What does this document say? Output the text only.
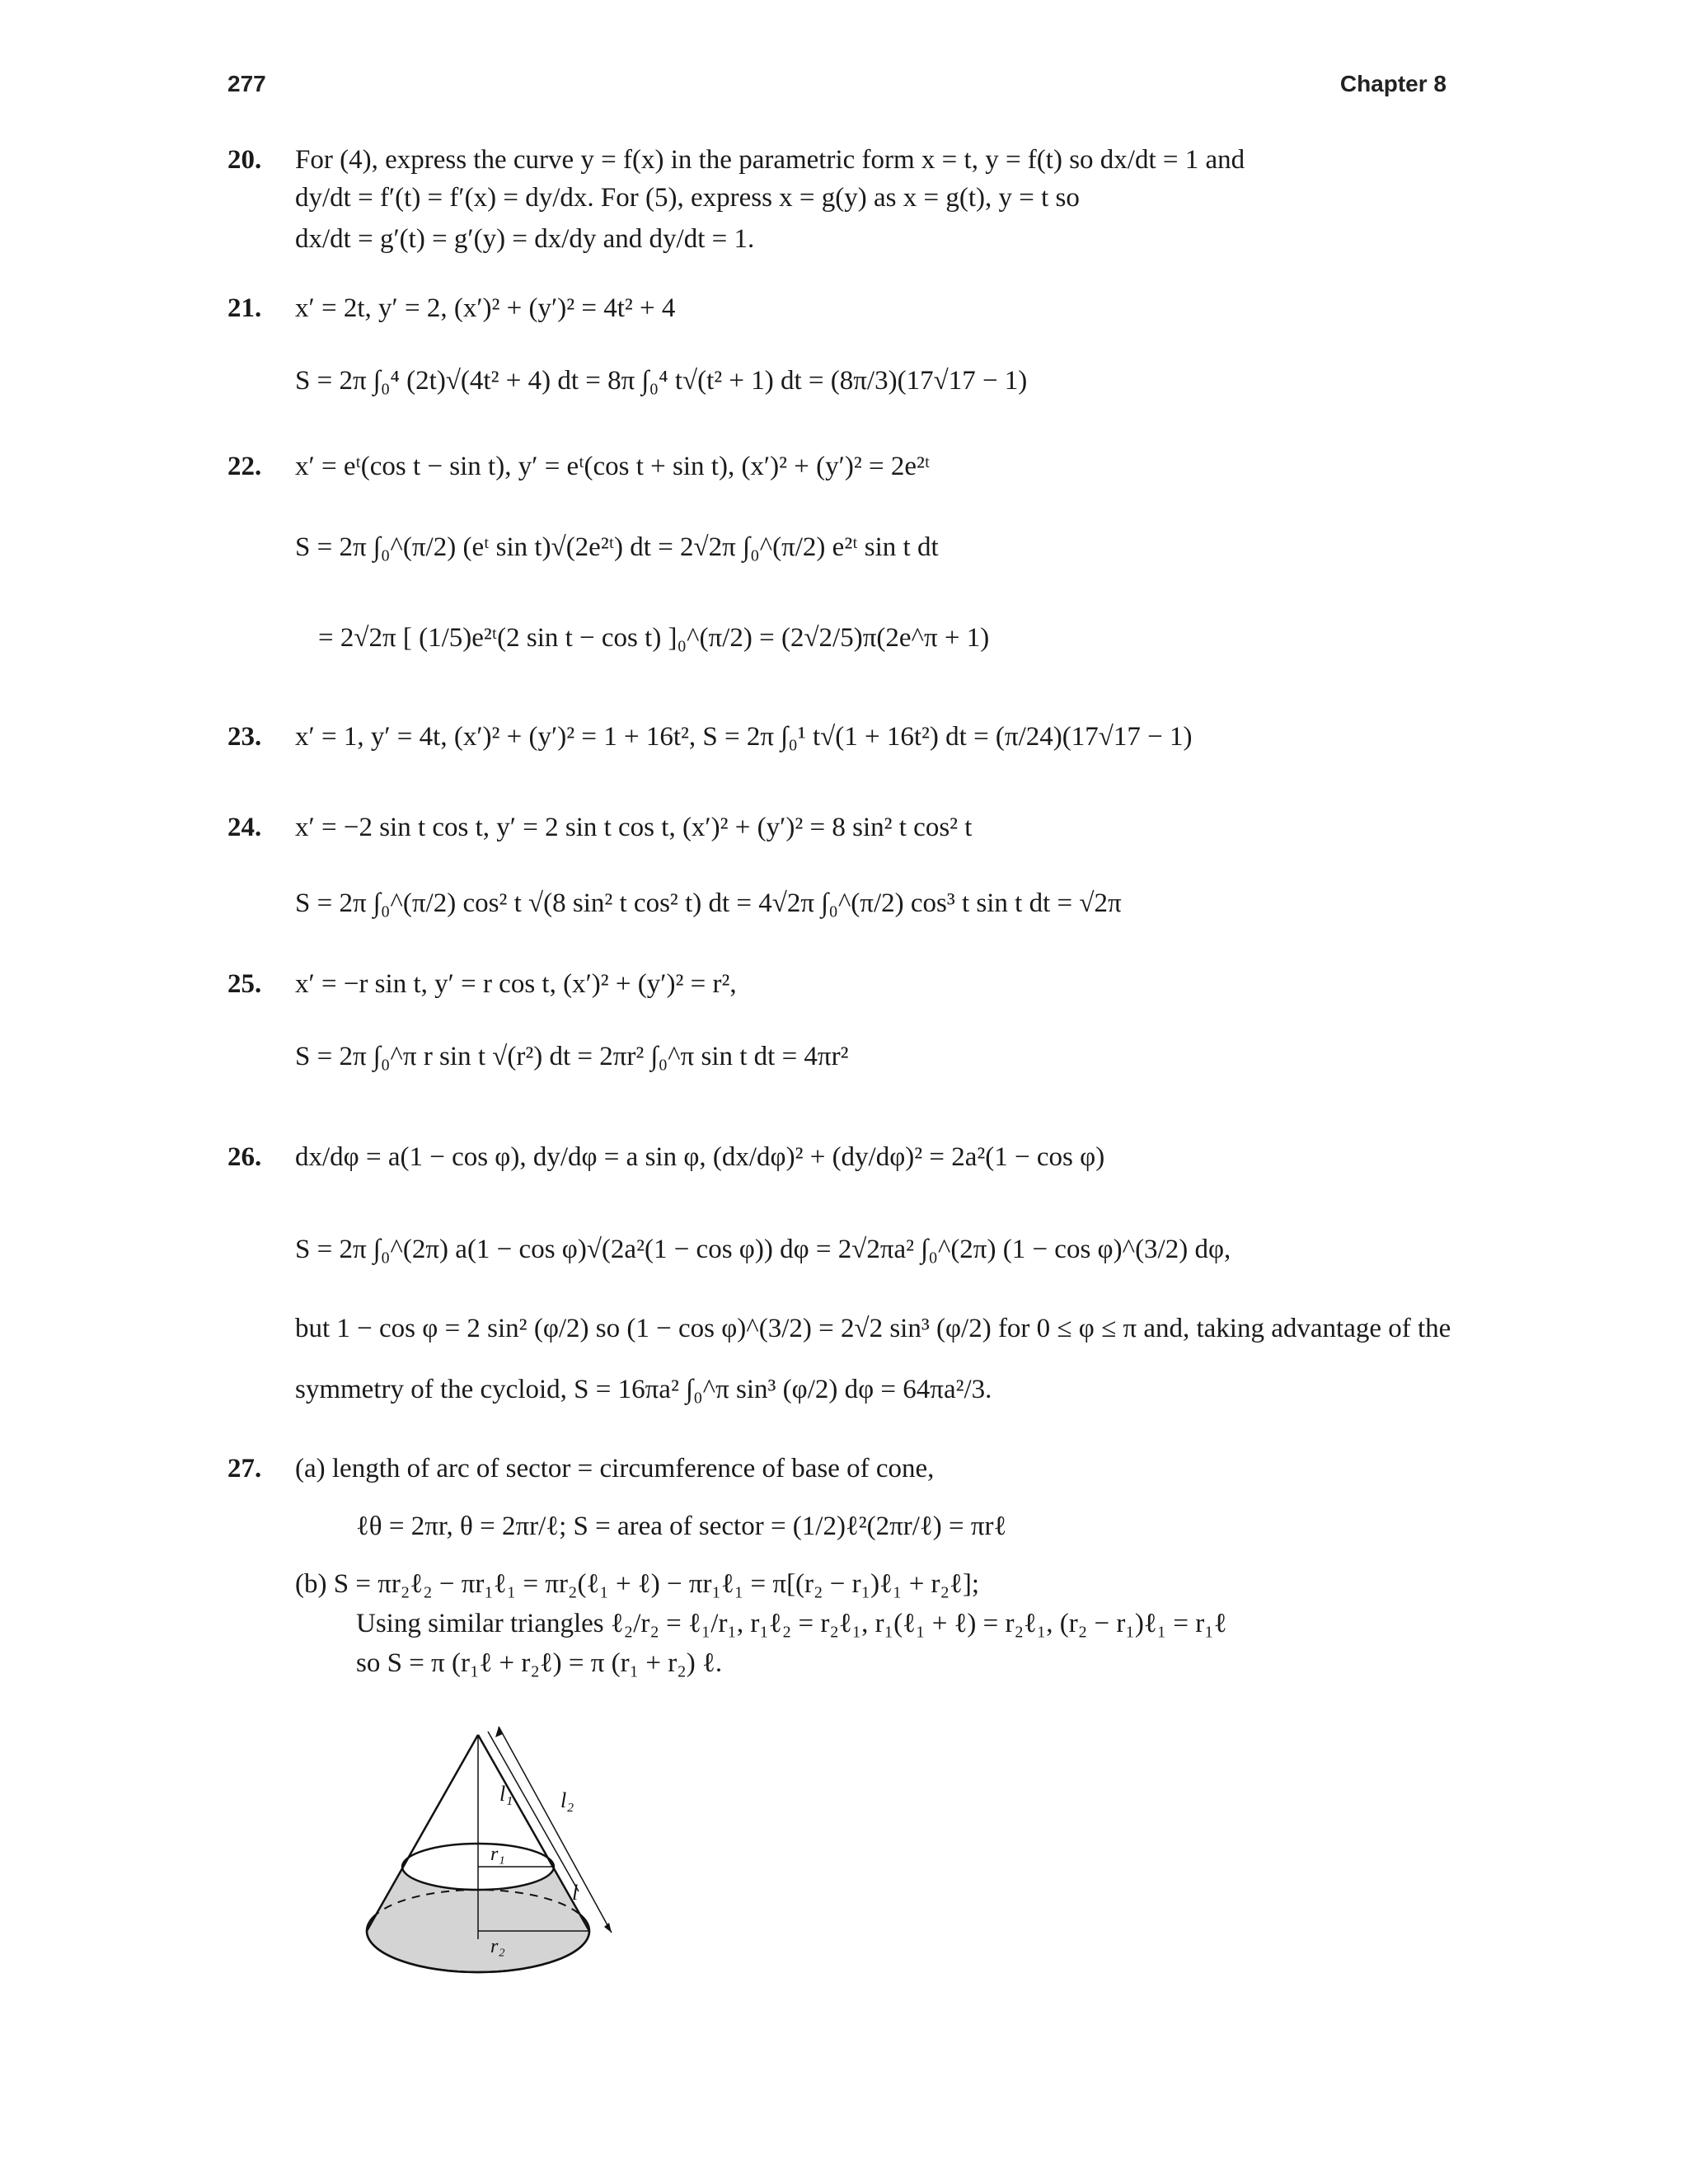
277	Chapter 8
20. For (4), express the curve y = f(x) in the parametric form x = t, y = f(t) so dx/dt = 1 and
dy/dt = f′(t) = f′(x) = dy/dx. For (5), express x = g(y) as x = g(t), y = t so
dx/dt = g′(t) = g′(y) = dx/dy and dy/dt = 1.
21. x′ = 2t, y′ = 2, (x′)² + (y′)² = 4t² + 4
S = 2π ∫₀⁴ (2t)√(4t² + 4) dt = 8π ∫₀⁴ t√(t² + 1) dt = (8π/3)(17√17 − 1)
22. x′ = eᵗ(cos t − sin t), y′ = eᵗ(cos t + sin t), (x′)² + (y′)² = 2e²ᵗ
S = 2π ∫₀^(π/2) (eᵗ sin t)√(2e²ᵗ) dt = 2√2π ∫₀^(π/2) e²ᵗ sin t dt
= 2√2π [ (1/5)e²ᵗ(2 sin t − cos t) ]₀^(π/2) = (2√2/5)π(2e^π + 1)
23. x′ = 1, y′ = 4t, (x′)² + (y′)² = 1 + 16t², S = 2π ∫₀¹ t√(1 + 16t²) dt = (π/24)(17√17 − 1)
24. x′ = −2 sin t cos t, y′ = 2 sin t cos t, (x′)² + (y′)² = 8 sin² t cos² t
S = 2π ∫₀^(π/2) cos² t √(8 sin² t cos² t) dt = 4√2π ∫₀^(π/2) cos³ t sin t dt = √2π
25. x′ = −r sin t, y′ = r cos t, (x′)² + (y′)² = r²,
S = 2π ∫₀^π r sin t √(r²) dt = 2πr² ∫₀^π sin t dt = 4πr²
26. dx/dφ = a(1 − cos φ), dy/dφ = a sin φ, (dx/dφ)² + (dy/dφ)² = 2a²(1 − cos φ)
S = 2π ∫₀^(2π) a(1 − cos φ)√(2a²(1 − cos φ)) dφ = 2√2πa² ∫₀^(2π) (1 − cos φ)^(3/2) dφ,
but 1 − cos φ = 2 sin² (φ/2) so (1 − cos φ)^(3/2) = 2√2 sin³ (φ/2) for 0 ≤ φ ≤ π and, taking advantage of the
symmetry of the cycloid, S = 16πa² ∫₀^π sin³ (φ/2) dφ = 64πa²/3.
27. (a) length of arc of sector = circumference of base of cone,
ℓθ = 2πr, θ = 2πr/ℓ; S = area of sector = (1/2)ℓ²(2πr/ℓ) = πrℓ
(b) S = πr₂ℓ₂ − πr₁ℓ₁ = πr₂(ℓ₁ + ℓ) − πr₁ℓ₁ = π[(r₂ − r₁)ℓ₁ + r₂ℓ];
Using similar triangles ℓ₂/r₂ = ℓ₁/r₁, r₁ℓ₂ = r₂ℓ₁, r₁(ℓ₁ + ℓ) = r₂ℓ₁, (r₂ − r₁)ℓ₁ = r₁ℓ
so S = π (r₁ℓ + r₂ℓ) = π (r₁ + r₂) ℓ.
l₁ l₂
l
r₁
r₂
